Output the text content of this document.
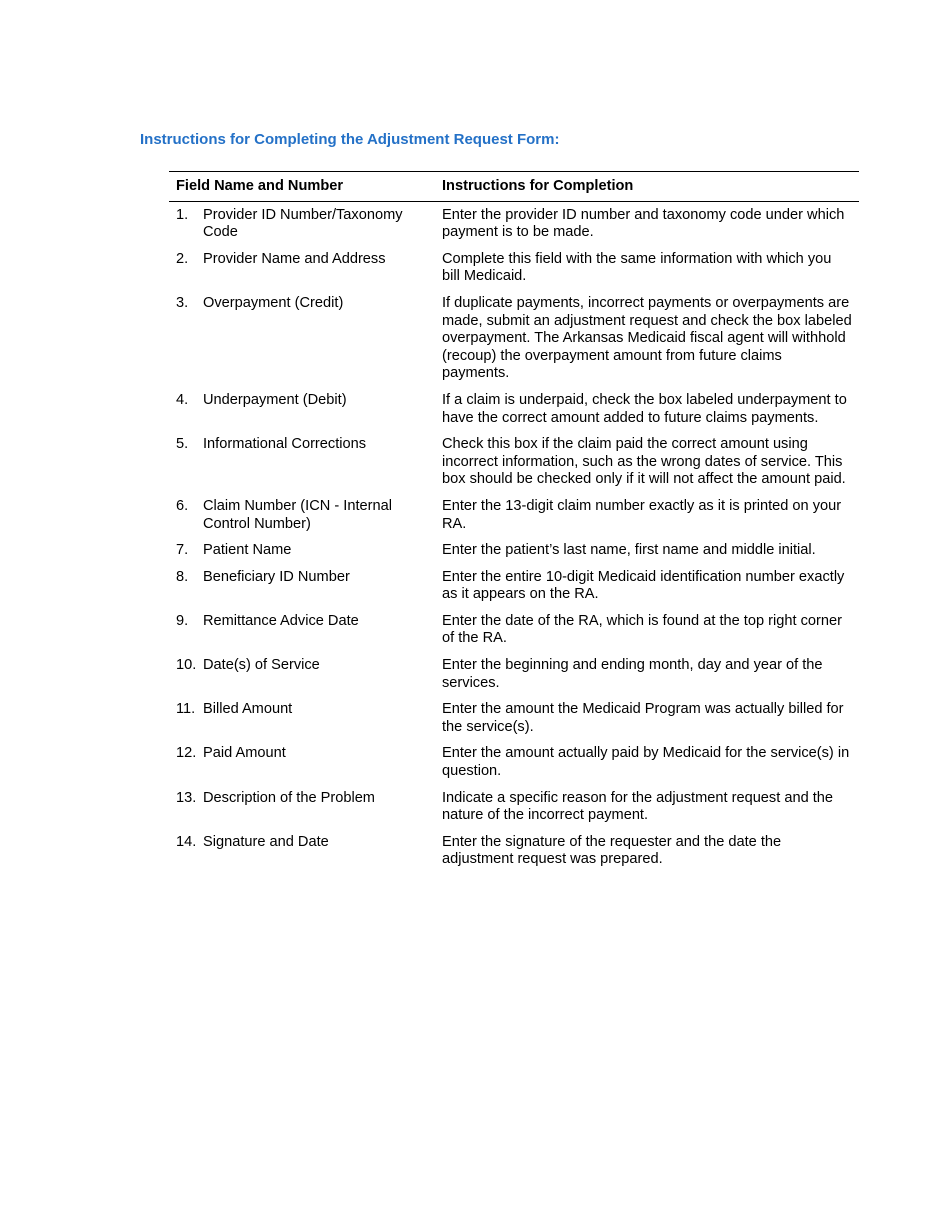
Instructions for Completing the Adjustment Request Form:
Field Name and Number	Instructions for Completion

1. Provider ID Number/Taxonomy Code	Enter the provider ID number and taxonomy code under which payment is to be made.

2. Provider Name and Address	Complete this field with the same information with which you bill Medicaid.

3. Overpayment (Credit)	If duplicate payments, incorrect payments or overpayments are made, submit an adjustment request and check the box labeled overpayment. The Arkansas Medicaid fiscal agent will withhold (recoup) the overpayment amount from future claims payments.

4. Underpayment (Debit)	If a claim is underpaid, check the box labeled underpayment to have the correct amount added to future claims payments.

5. Informational Corrections	Check this box if the claim paid the correct amount using incorrect information, such as the wrong dates of service. This box should be checked only if it will not affect the amount paid.

6. Claim Number (ICN - Internal Control Number)	Enter the 13-digit claim number exactly as it is printed on your RA.

7. Patient Name	Enter the patient’s last name, first name and middle initial.

8. Beneficiary ID Number	Enter the entire 10-digit Medicaid identification number exactly as it appears on the RA.

9. Remittance Advice Date	Enter the date of the RA, which is found at the top right corner of the RA.

10. Date(s) of Service	Enter the beginning and ending month, day and year of the services.

11. Billed Amount	Enter the amount the Medicaid Program was actually billed for the service(s).

12. Paid Amount	Enter the amount actually paid by Medicaid for the service(s) in question.

13. Description of the Problem	Indicate a specific reason for the adjustment request and the nature of the incorrect payment.

14. Signature and Date	Enter the signature of the requester and the date the adjustment request was prepared.
